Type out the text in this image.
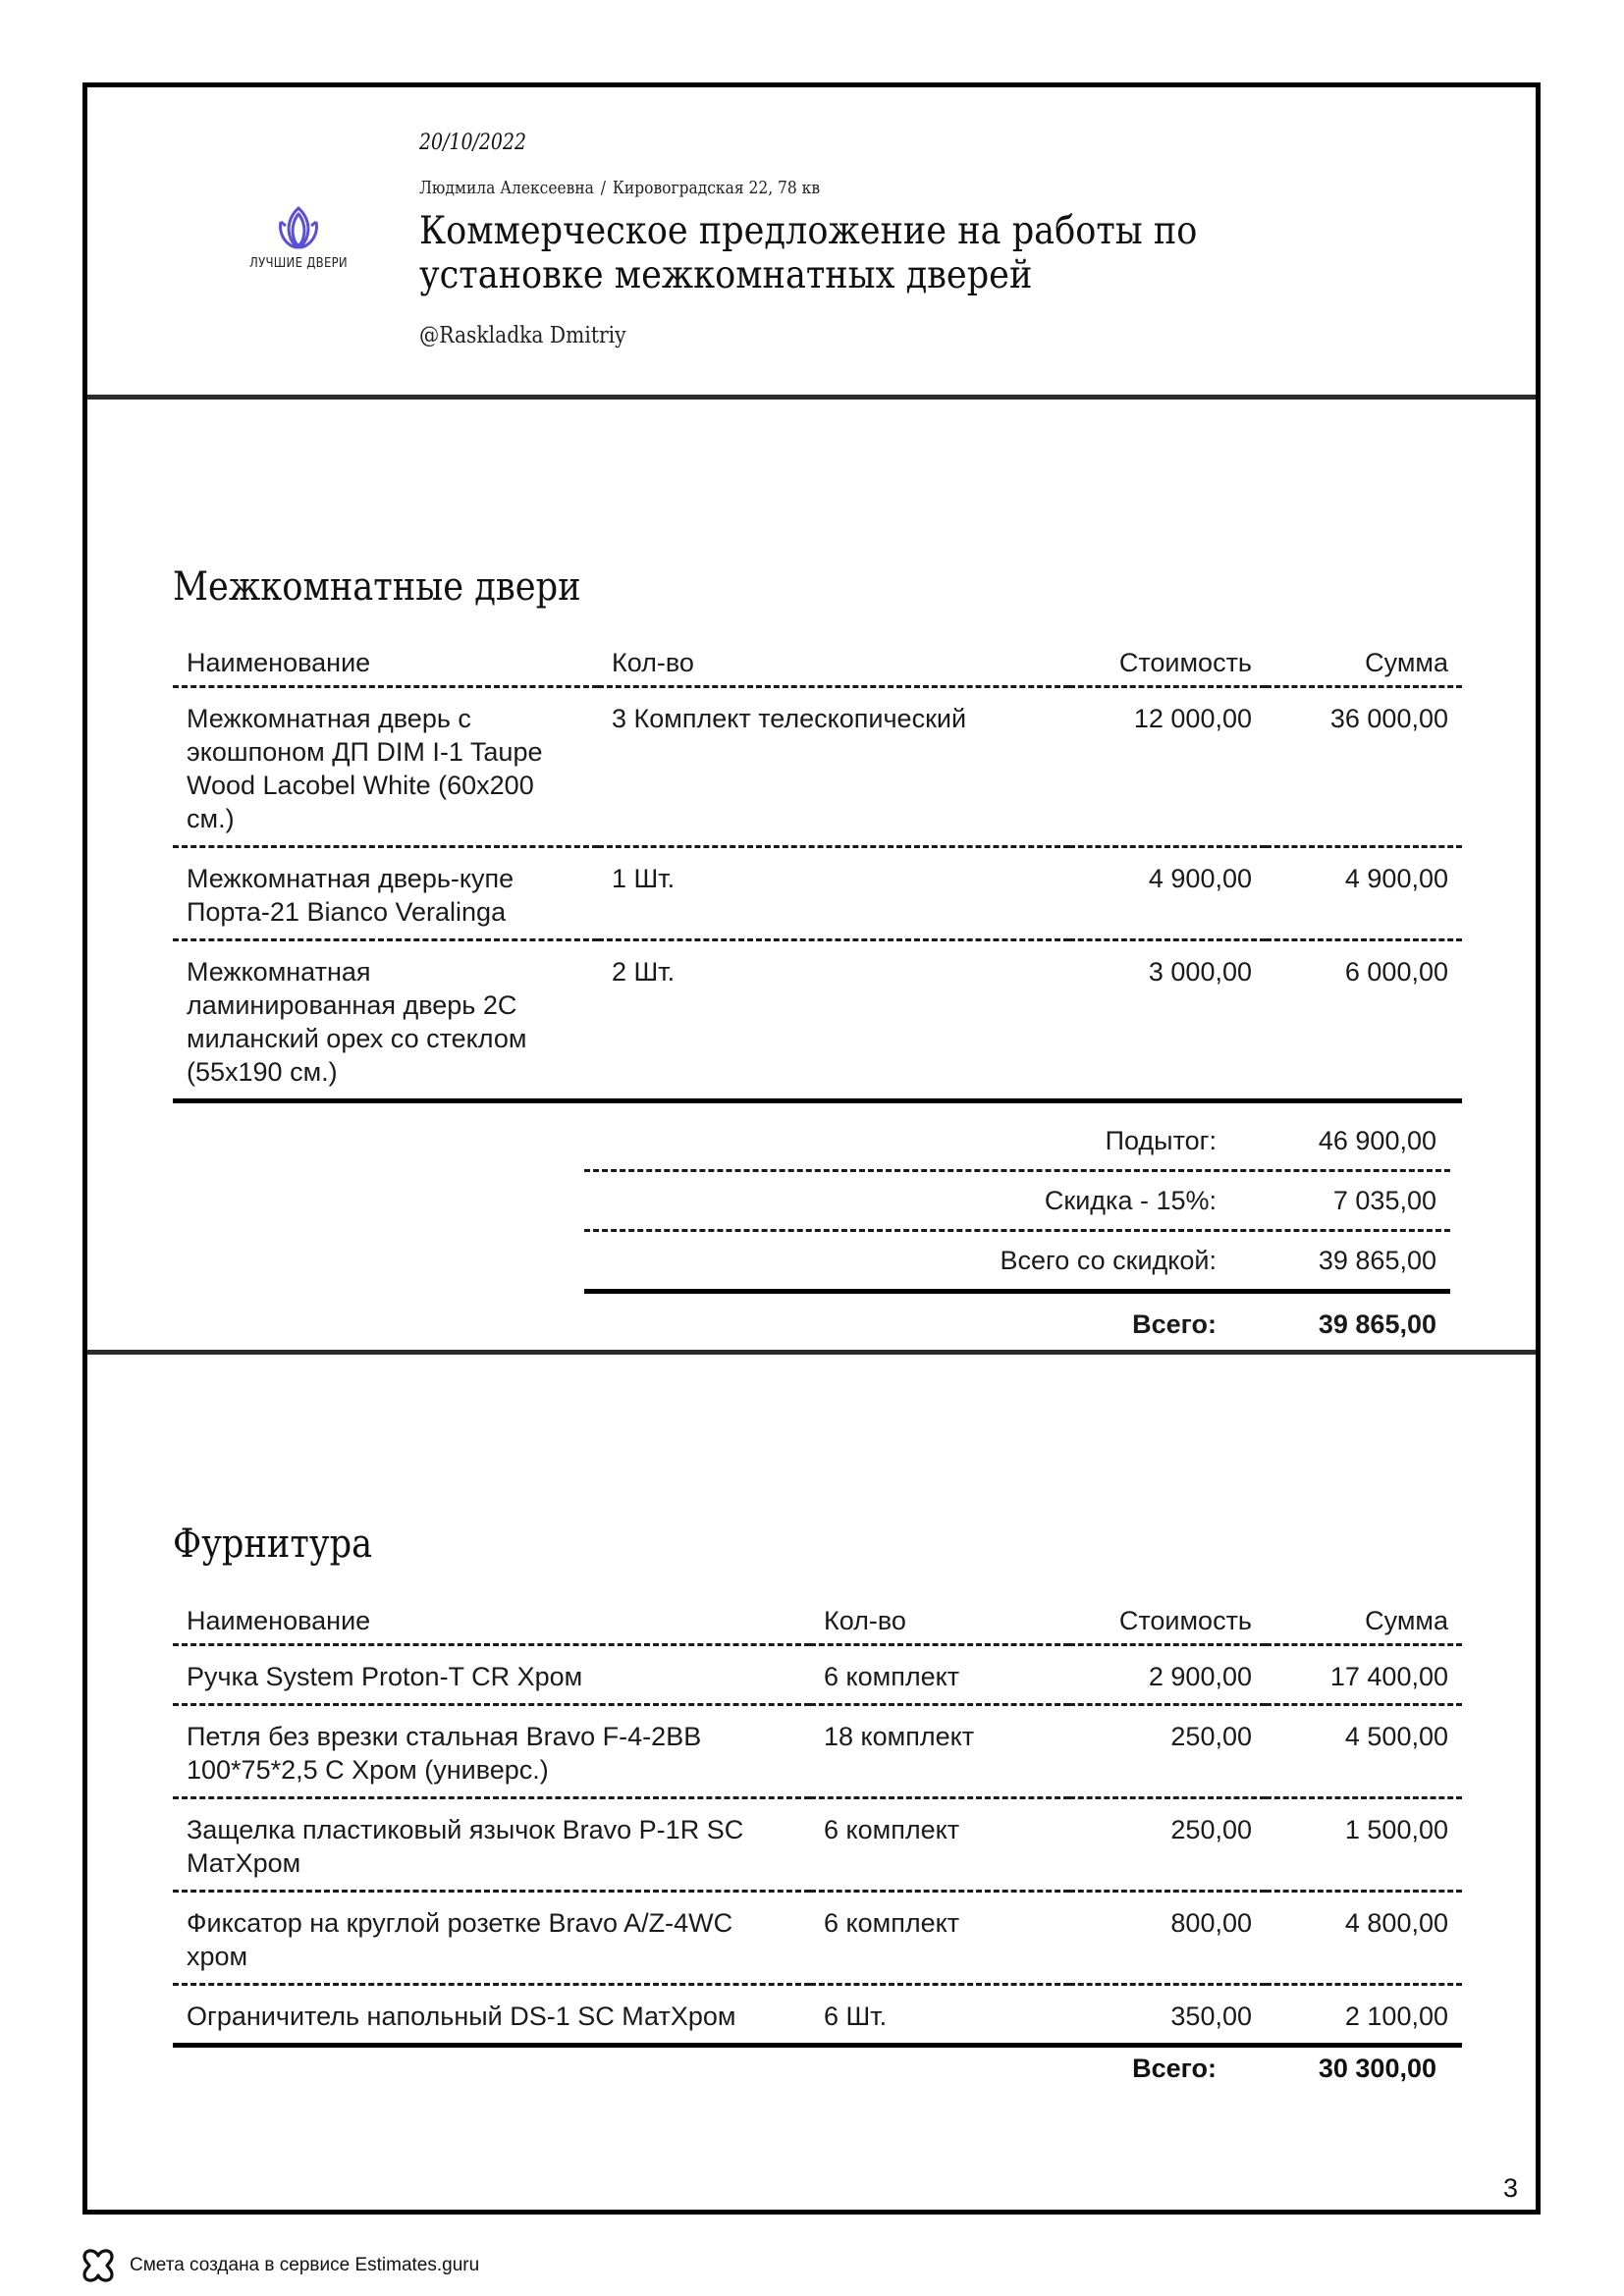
ЛУЧШИЕ ДВЕРИ
20/10/2022
Людмила Алексеевна / Кировоградская 22, 78 кв
Коммерческое предложение на работы по установке межкомнатных дверей
@Raskladka Dmitriy
Межкомнатные двери
Наименование	Кол-во	Стоимость	Сумма
Межкомнатная дверь с экошпоном ДП DIM I-1 Taupe Wood Lacobel White (60x200 см.)	3 Комплект телескопический	12 000,00	36 000,00
Межкомнатная дверь-купе Порта-21 Bianco Veralinga	1 Шт.	4 900,00	4 900,00
Межкомнатная ламинированная дверь 2С миланский орех со стеклом (55x190 см.)	2 Шт.	3 000,00	6 000,00
Подытог:	46 900,00
Скидка - 15%:	7 035,00
Всего со скидкой:	39 865,00
Всего:	39 865,00
Фурнитура
Наименование	Кол-во	Стоимость	Сумма
Ручка System Proton-T CR Хром	6 комплект	2 900,00	17 400,00
Петля без врезки стальная Bravo F-4-2BB 100*75*2,5 C Хром (универс.)	18 комплект	250,00	4 500,00
Защелка пластиковый язычок Bravo P-1R SC МатХром	6 комплект	250,00	1 500,00
Фиксатор на круглой розетке Bravo A/Z-4WC хром	6 комплект	800,00	4 800,00
Ограничитель напольный DS-1 SC МатХром	6 Шт.	350,00	2 100,00
Всего:	30 300,00
3
Смета создана в сервисе Estimates.guru
